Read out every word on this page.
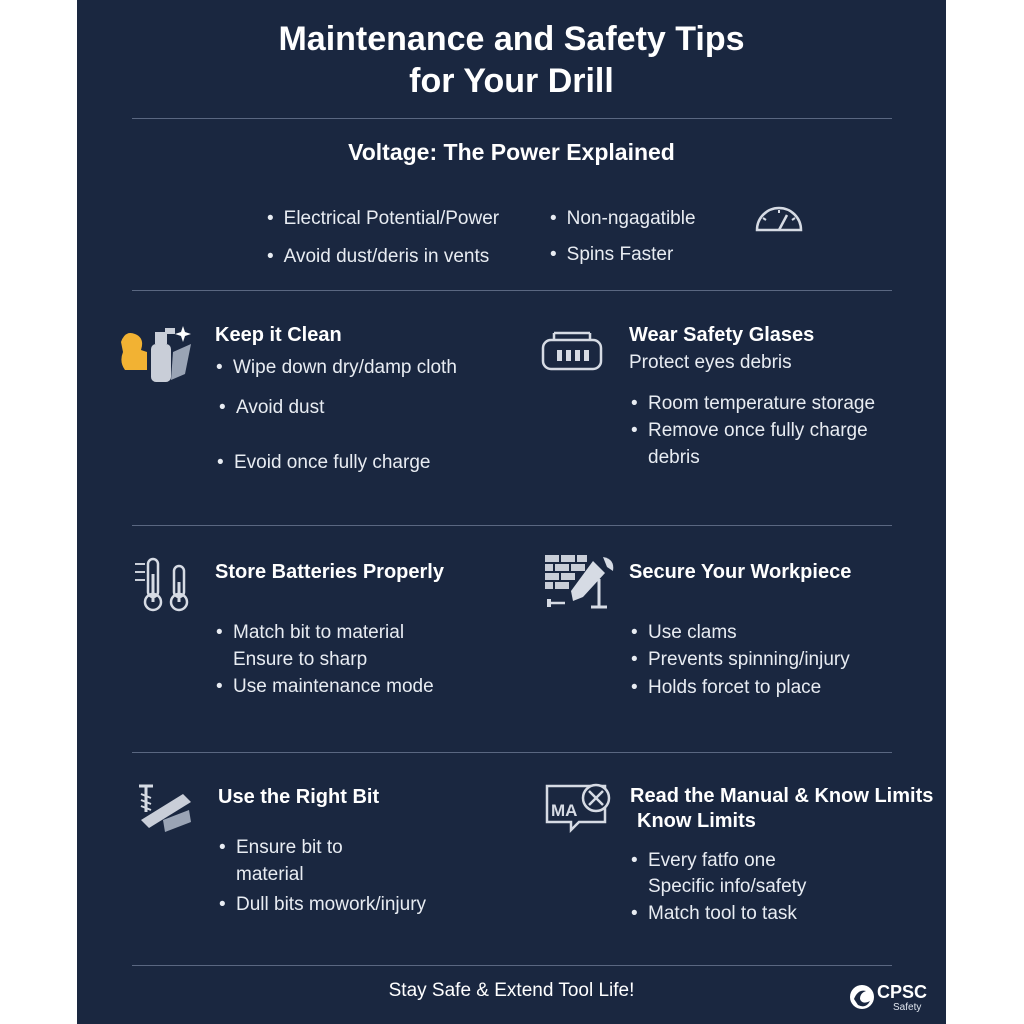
Maintenance and Safety Tips
for Your Drill
Voltage: The Power Explained
• Electrical Potential/Power
• Avoid dust/deris in vents
• Non-ngagatible
• Spins Faster
Keep it Clean
• Wipe down dry/damp cloth
• Avoid dust
• Evoid once fully charge
Wear Safety Glases
Protect eyes debris
• Room temperature storage
• Remove once fully charge
debris
Store Batteries Properly
• Match bit to material
Ensure to sharp
• Use maintenance mode
Secure Your Workpiece
• Use clams
• Prevents spinning/injury
• Holds forcet to place
Use the Right Bit
• Ensure bit to
material
• Dull bits mowork/injury
MA
Read the Manual & Know Limits
Know Limits
• Every fatfo one
Specific info/safety
• Match tool to task
Stay Safe & Extend Tool Life!	CPSC
Safety
